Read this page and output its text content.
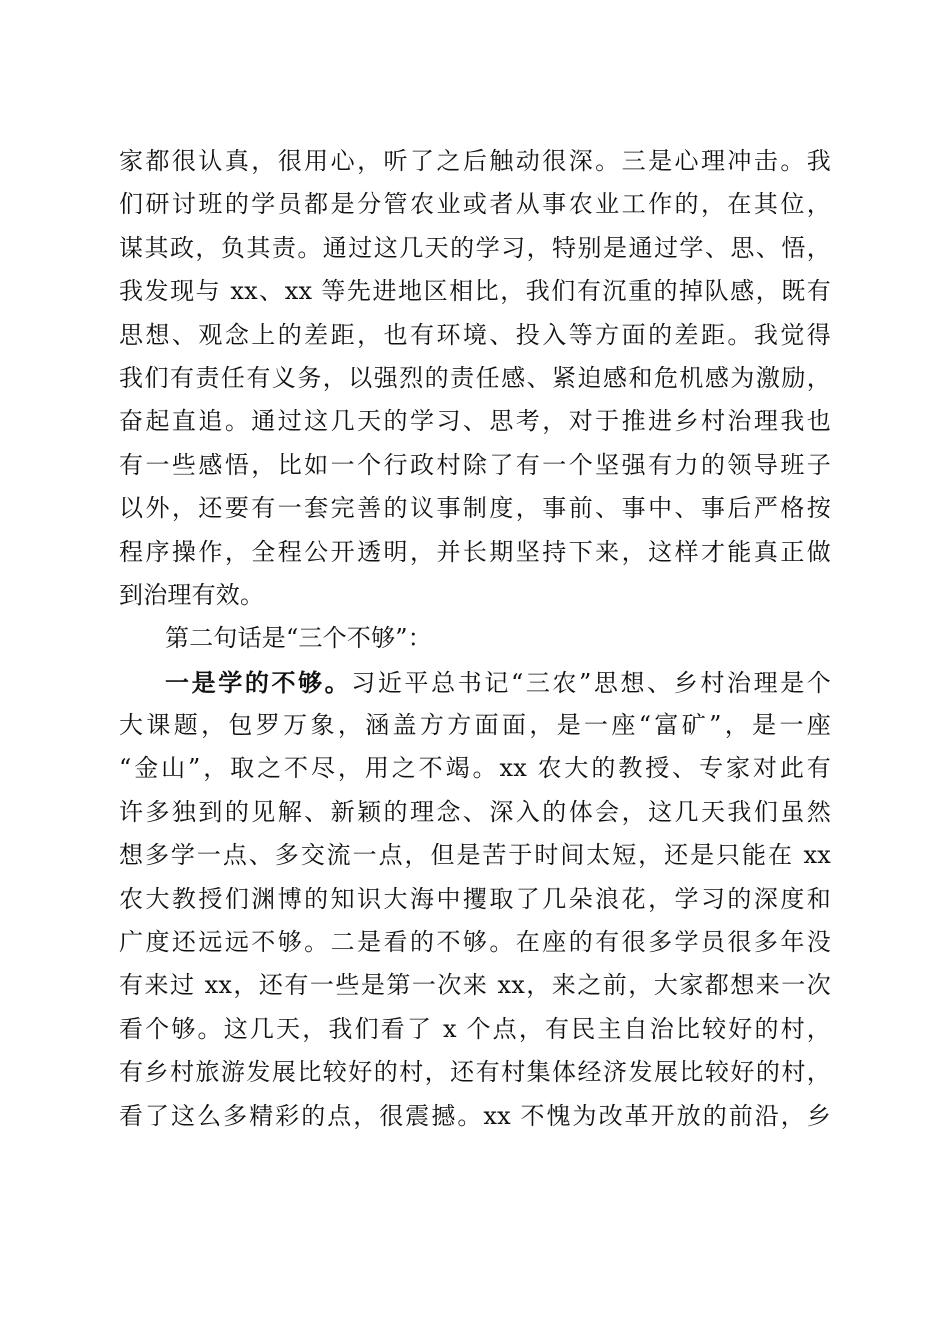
家都很认真，很用心，听了之后触动很深。三是心理冲击。我
们研讨班的学员都是分管农业或者从事农业工作的，在其位，
谋其政，负其责。通过这几天的学习，特别是通过学、思、悟，
我发现与 xx、xx 等先进地区相比，我们有沉重的掉队感，既有
思想、观念上的差距，也有环境、投入等方面的差距。我觉得
我们有责任有义务，以强烈的责任感、紧迫感和危机感为激励，
奋起直追。通过这几天的学习、思考，对于推进乡村治理我也
有一些感悟，比如一个行政村除了有一个坚强有力的领导班子
以外，还要有一套完善的议事制度，事前、事中、事后严格按
程序操作，全程公开透明，并长期坚持下来，这样才能真正做
到治理有效。
第二句话是“三个不够”：
一是学的不够。习近平总书记“三农”思想、乡村治理是个
大课题，包罗万象，涵盖方方面面，是一座“富矿”，是一座
“金山”，取之不尽，用之不竭。xx 农大的教授、专家对此有
许多独到的见解、新颖的理念、深入的体会，这几天我们虽然
想多学一点、多交流一点，但是苦于时间太短，还是只能在 xx
农大教授们渊博的知识大海中攫取了几朵浪花，学习的深度和
广度还远远不够。二是看的不够。在座的有很多学员很多年没
有来过 xx，还有一些是第一次来 xx，来之前，大家都想来一次
看个够。这几天，我们看了 x 个点，有民主自治比较好的村，
有乡村旅游发展比较好的村，还有村集体经济发展比较好的村，
看了这么多精彩的点，很震撼。xx 不愧为改革开放的前沿，乡
